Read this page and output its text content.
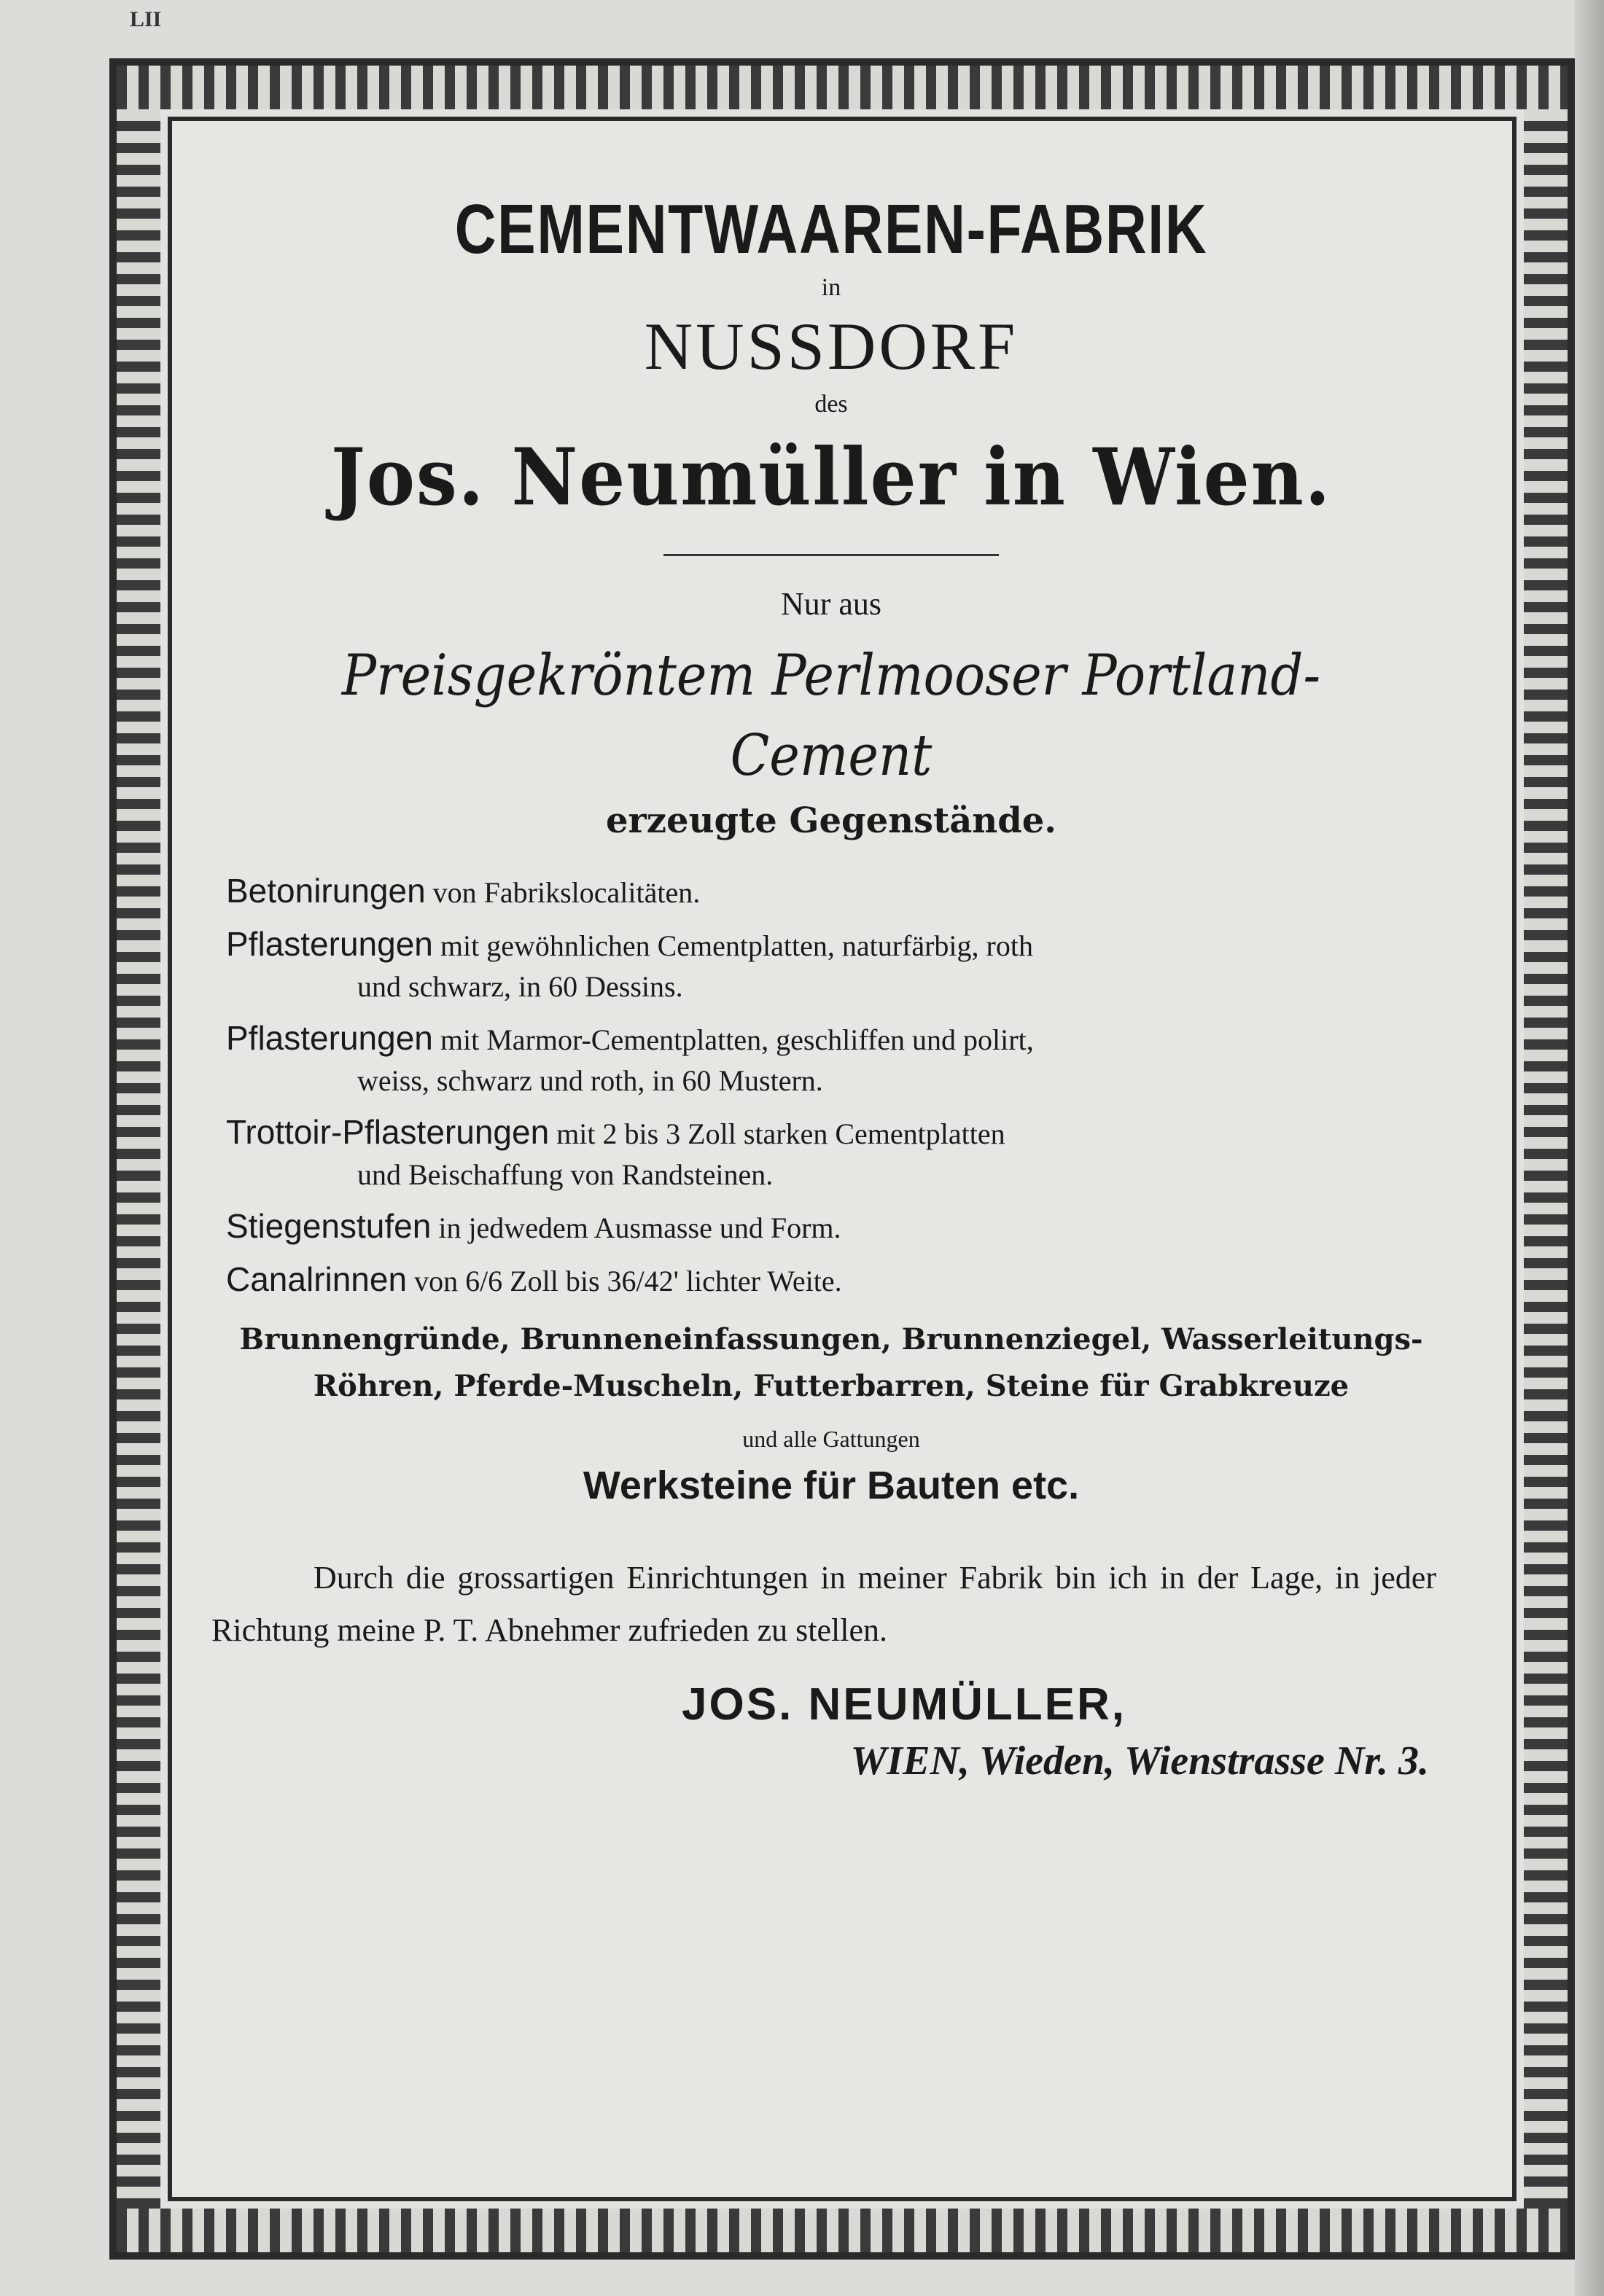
LII

CEMENTWAAREN-FABRIK

in

NUSSDORF

des

Jos. Neumüller in Wien.

Nur aus

Preisgekröntem Perlmooser Portland-Cement

erzeugte Gegenstände.

Betonirungen von Fabrikslocalitäten.

Pflasterungen mit gewöhnlichen Cementplatten, naturfärbig, roth
und schwarz, in 60 Dessins.

Pflasterungen mit Marmor-Cementplatten, geschliffen und polirt,
weiss, schwarz und roth, in 60 Mustern.

Trottoir-Pflasterungen mit 2 bis 3 Zoll starken Cementplatten
und Beischaffung von Randsteinen.

Stiegenstufen in jedwedem Ausmasse und Form.

Canalrinnen von 6/6 Zoll bis 36/42' lichter Weite.

Brunnengründe, Brunneneinfassungen, Brunnenziegel, Wasserleitungs-
Röhren, Pferde-Muscheln, Futterbarren, Steine für Grabkreuze

und alle Gattungen

Werksteine für Bauten etc.

Durch die grossartigen Einrichtungen in meiner Fabrik bin ich in der Lage, in jeder Richtung meine P. T. Abnehmer zufrieden zu stellen.

JOS. NEUMÜLLER,

WIEN, Wieden, Wienstrasse Nr. 3.
